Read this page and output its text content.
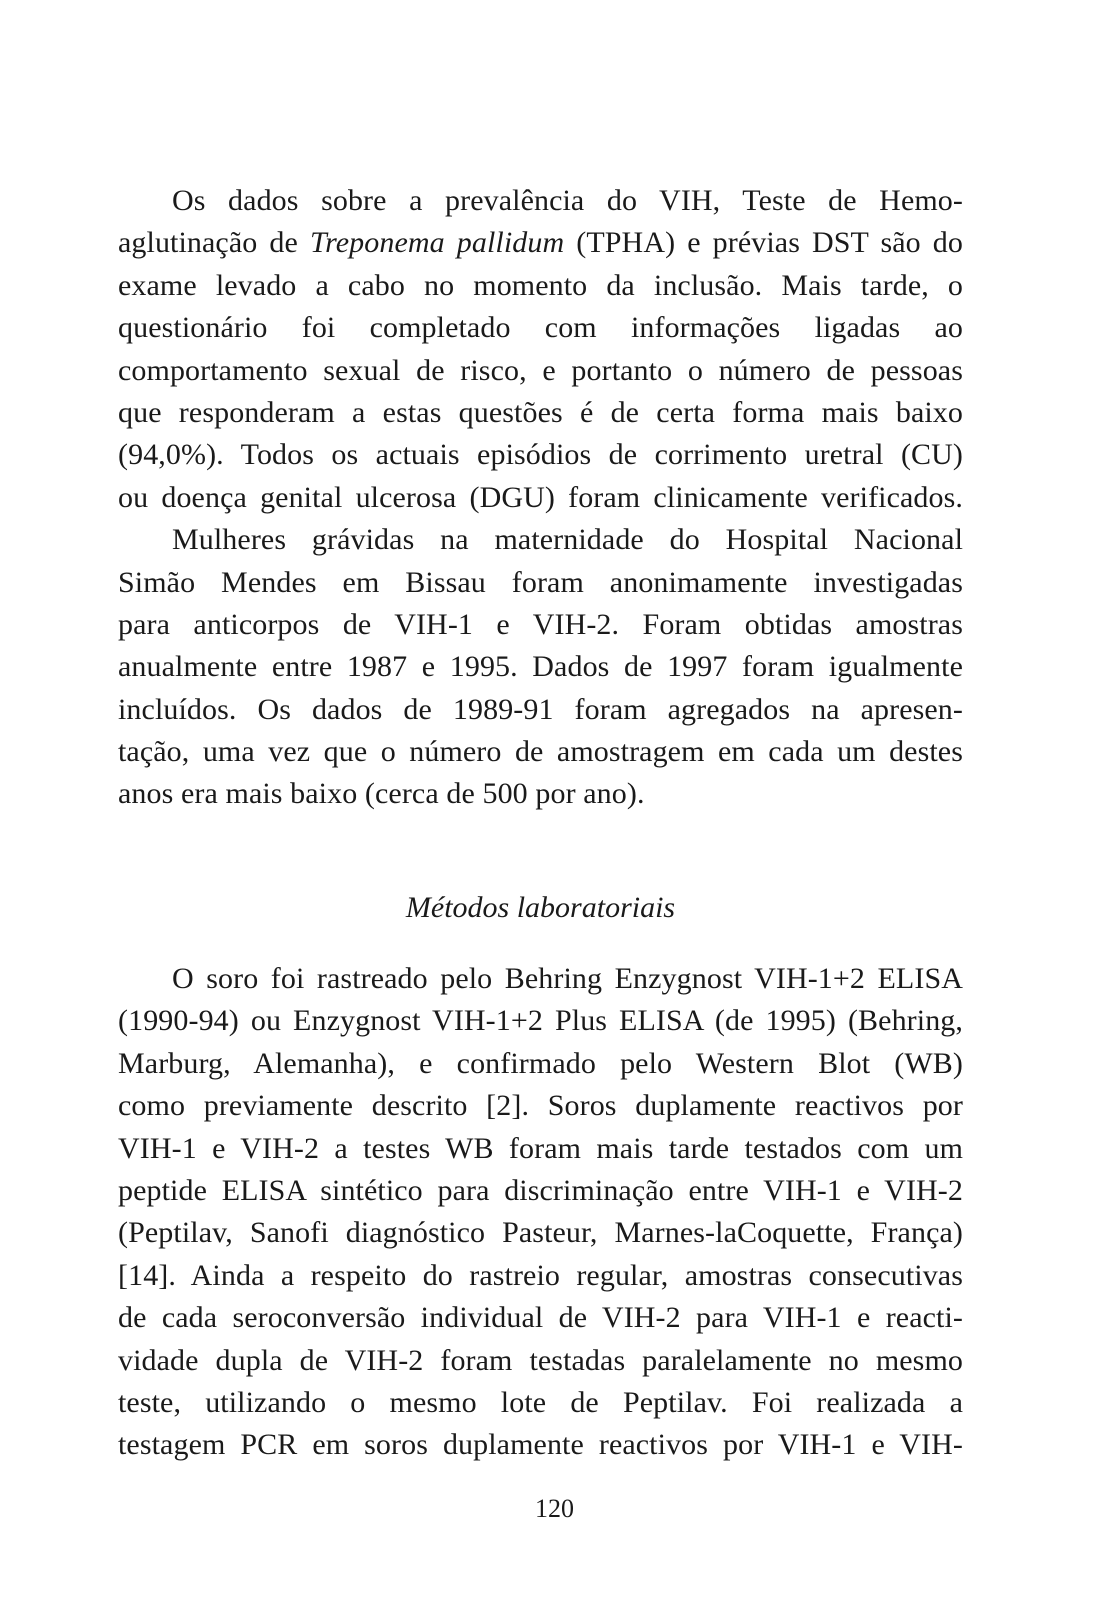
Os dados sobre a prevalência do VIH, Teste de Hemo-
aglutinação de Treponema pallidum (TPHA) e prévias DST são do
exame levado a cabo no momento da inclusão. Mais tarde, o
questionário foi completado com informações ligadas ao
comportamento sexual de risco, e portanto o número de pessoas
que responderam a estas questões é de certa forma mais baixo
(94,0%). Todos os actuais episódios de corrimento uretral (CU)
ou doença genital ulcerosa (DGU) foram clinicamente verificados.
Mulheres grávidas na maternidade do Hospital Nacional
Simão Mendes em Bissau foram anonimamente investigadas
para anticorpos de VIH-1 e VIH-2. Foram obtidas amostras
anualmente entre 1987 e 1995. Dados de 1997 foram igualmente
incluídos. Os dados de 1989-91 foram agregados na apresen-
tação, uma vez que o número de amostragem em cada um destes
anos era mais baixo (cerca de 500 por ano).
Métodos laboratoriais
O soro foi rastreado pelo Behring Enzygnost VIH-1+2 ELISA
(1990-94) ou Enzygnost VIH-1+2 Plus ELISA (de 1995) (Behring,
Marburg, Alemanha), e confirmado pelo Western Blot (WB)
como previamente descrito [2]. Soros duplamente reactivos por
VIH-1 e VIH-2 a testes WB foram mais tarde testados com um
peptide ELISA sintético para discriminação entre VIH-1 e VIH-2
(Peptilav, Sanofi diagnóstico Pasteur, Marnes-laCoquette, França)
[14]. Ainda a respeito do rastreio regular, amostras consecutivas
de cada seroconversão individual de VIH-2 para VIH-1 e reacti-
vidade dupla de VIH-2 foram testadas paralelamente no mesmo
teste, utilizando o mesmo lote de Peptilav. Foi realizada a
testagem PCR em soros duplamente reactivos por VIH-1 e VIH-
120
